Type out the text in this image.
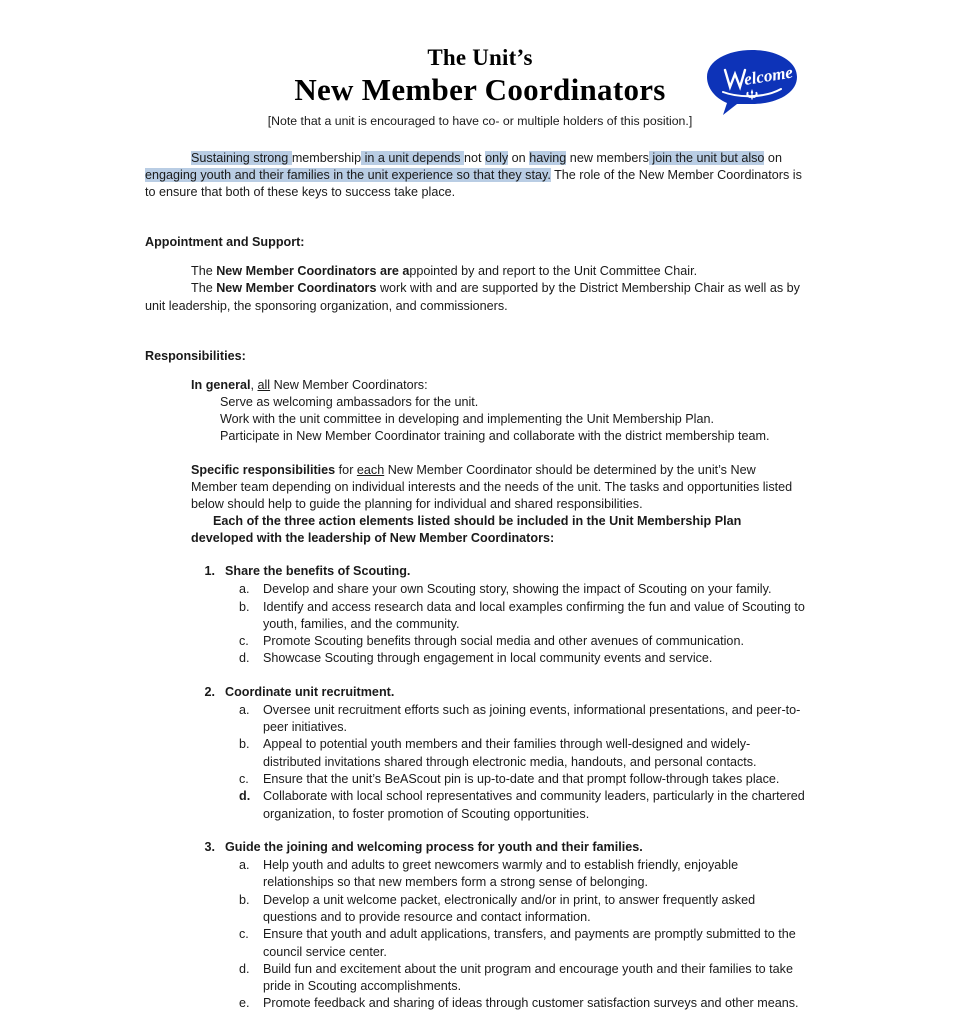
The Unit’s
New Member Coordinators
[Note that a unit is encouraged to have co- or multiple holders of this position.]
elcome

Sustaining strong membership in a unit depends not only on having new members join the unit but also on engaging youth and their families in the unit experience so that they stay. The role of the New Member Coordinators is to ensure that both of these keys to success take place.

Appointment and Support:

The New Member Coordinators are appointed by and report to the Unit Committee Chair.

The New Member Coordinators work with and are supported by the District Membership Chair as well as by unit leadership, the sponsoring organization, and commissioners.

Responsibilities:

In general, all New Member Coordinators:

Serve as welcoming ambassadors for the unit.
Work with the unit committee in developing and implementing the Unit Membership Plan.
Participate in New Member Coordinator training and collaborate with the district membership team.

Specific responsibilities for each New Member Coordinator should be determined by the unit’s New Member team depending on individual interests and the needs of the unit. The tasks and opportunities listed below should help to guide the planning for individual and shared responsibilities.

Each of the three action elements listed should be included in the Unit Membership Plan developed with the leadership of New Member Coordinators:

1. Share the benefits of Scouting.
a. Develop and share your own Scouting story, showing the impact of Scouting on your family.
b. Identify and access research data and local examples confirming the fun and value of Scouting to youth, families, and the community.
c.	Promote Scouting benefits through social media and other avenues of communication.
d. Showcase Scouting through engagement in local community events and service.
2. Coordinate unit recruitment.
a. Oversee unit recruitment efforts such as joining events, informational presentations, and peer-to-peer initiatives.
b. Appeal to potential youth members and their families through well-designed and widely-distributed invitations shared through electronic media, handouts, and personal contacts.
c.	Ensure that the unit’s BeAScout pin is up-to-date and that prompt follow-through takes place.
d. Collaborate with local school representatives and community leaders, particularly in the chartered organization, to foster promotion of Scouting opportunities.
3. Guide the joining and welcoming process for youth and their families.
a. Help youth and adults to greet newcomers warmly and to establish friendly, enjoyable relationships so that new members form a strong sense of belonging.
b. Develop a unit welcome packet, electronically and/or in print, to answer frequently asked questions and to provide resource and contact information.
c.	Ensure that youth and adult applications, transfers, and payments are promptly submitted to the council service center.
d. Build fun and excitement about the unit program and encourage youth and their families to take pride in Scouting accomplishments.
e. Promote feedback and sharing of ideas through customer satisfaction surveys and other means.
